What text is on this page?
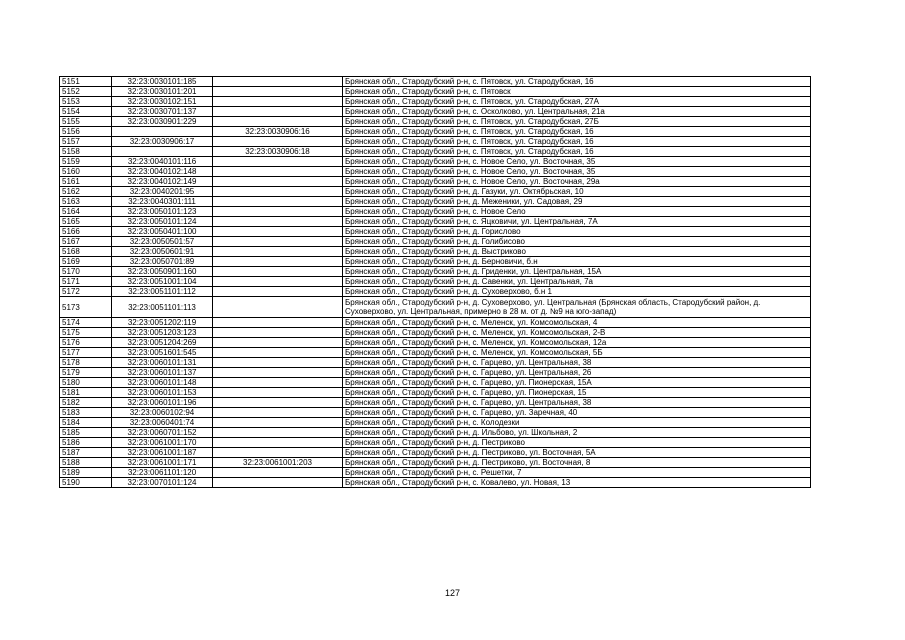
5151	32:23:0030101:185		Брянская обл., Стародубский р-н, с. Пятовск, ул. Стародубская, 16
5152	32:23:0030101:201		Брянская обл., Стародубский р-н, с. Пятовск
5153	32:23:0030102:151		Брянская обл., Стародубский р-н, с. Пятовск, ул. Стародубская, 27А
5154	32:23:0030701:137		Брянская обл., Стародубский р-н, с. Осколково, ул. Центральная, 21а
5155	32:23:0030901:229		Брянская обл., Стародубский р-н, с. Пятовск, ул. Стародубская, 27Б
5156		32:23:0030906:16	Брянская обл., Стародубский р-н, с. Пятовск, ул. Стародубская, 16
5157	32:23:0030906:17		Брянская обл., Стародубский р-н, с. Пятовск, ул. Стародубская, 16
5158		32:23:0030906:18	Брянская обл., Стародубский р-н, с. Пятовск, ул. Стародубская, 16
5159	32:23:0040101:116		Брянская обл., Стародубский р-н, с. Новое Село, ул. Восточная, 35
5160	32:23:0040102:148		Брянская обл., Стародубский р-н, с. Новое Село, ул. Восточная, 35
5161	32:23:0040102:149		Брянская обл., Стародубский р-н, с. Новое Село, ул. Восточная, 29а
5162	32:23:0040201:95		Брянская обл., Стародубский р-н, д. Газуки, ул. Октябрьская, 10
5163	32:23:0040301:111		Брянская обл., Стародубский р-н, д. Меженики, ул. Садовая, 29
5164	32:23:0050101:123		Брянская обл., Стародубский р-н, с. Новое Село
5165	32:23:0050101:124		Брянская обл., Стародубский р-н, с. Яцковичи, ул. Центральная, 7А
5166	32:23:0050401:100		Брянская обл., Стародубский р-н, д. Горислово
5167	32:23:0050501:57		Брянская обл., Стародубский р-н, д. Голибисово
5168	32:23:0050601:91		Брянская обл., Стародубский р-н, д. Выстриково
5169	32:23:0050701:89		Брянская обл., Стародубский р-н, д. Берновичи, б.н
5170	32:23:0050901:160		Брянская обл., Стародубский р-н, д. Гриденки, ул. Центральная, 15А
5171	32:23:0051001:104		Брянская обл., Стародубский р-н, д. Савенки, ул. Центральная, 7а
5172	32:23:0051101:112		Брянская обл., Стародубский р-н, д. Суховерхово, б.н 1
5173	32:23:0051101:113		Брянская обл., Стародубский р-н, д. Суховерхово, ул. Центральная (Брянская область, Стародубский район, д. Суховерхово, ул. Центральная, примерно в 28 м. от д. №9 на юго-запад)
5174	32:23:0051202:119		Брянская обл., Стародубский р-н, с. Меленск, ул. Комсомольская, 4
5175	32:23:0051203:123		Брянская обл., Стародубский р-н, с. Меленск, ул. Комсомольская, 2-В
5176	32:23:0051204:269		Брянская обл., Стародубский р-н, с. Меленск, ул. Комсомольская, 12а
5177	32:23:0051601:545		Брянская обл., Стародубский р-н, с. Меленск, ул. Комсомольская, 5Б
5178	32:23:0060101:131		Брянская обл., Стародубский р-н, с. Гарцево, ул. Центральная, 38
5179	32:23:0060101:137		Брянская обл., Стародубский р-н, с. Гарцево, ул. Центральная, 26
5180	32:23:0060101:148		Брянская обл., Стародубский р-н, с. Гарцево, ул. Пионерская, 15А
5181	32:23:0060101:153		Брянская обл., Стародубский р-н, с. Гарцево, ул. Пионерская, 15
5182	32:23:0060101:196		Брянская обл., Стародубский р-н, с. Гарцево, ул. Центральная, 38
5183	32:23:0060102:94		Брянская обл., Стародубский р-н, с. Гарцево, ул. Заречная, 40
5184	32:23:0060401:74		Брянская обл., Стародубский р-н, с. Колодезки
5185	32:23:0060701:152		Брянская обл., Стародубский р-н, д. Ильбово, ул. Школьная, 2
5186	32:23:0061001:170		Брянская обл., Стародубский р-н, д. Пестриково
5187	32:23:0061001:187		Брянская обл., Стародубский р-н, д. Пестриково, ул. Восточная, 5А
5188	32:23:0061001:171	32:23:0061001:203	Брянская обл., Стародубский р-н, д. Пестриково, ул. Восточная, 8
5189	32:23:0061101:120		Брянская обл., Стародубский р-н, с. Решетки, 7
5190	32:23:0070101:124		Брянская обл., Стародубский р-н, с. Ковалево, ул. Новая, 13
127
